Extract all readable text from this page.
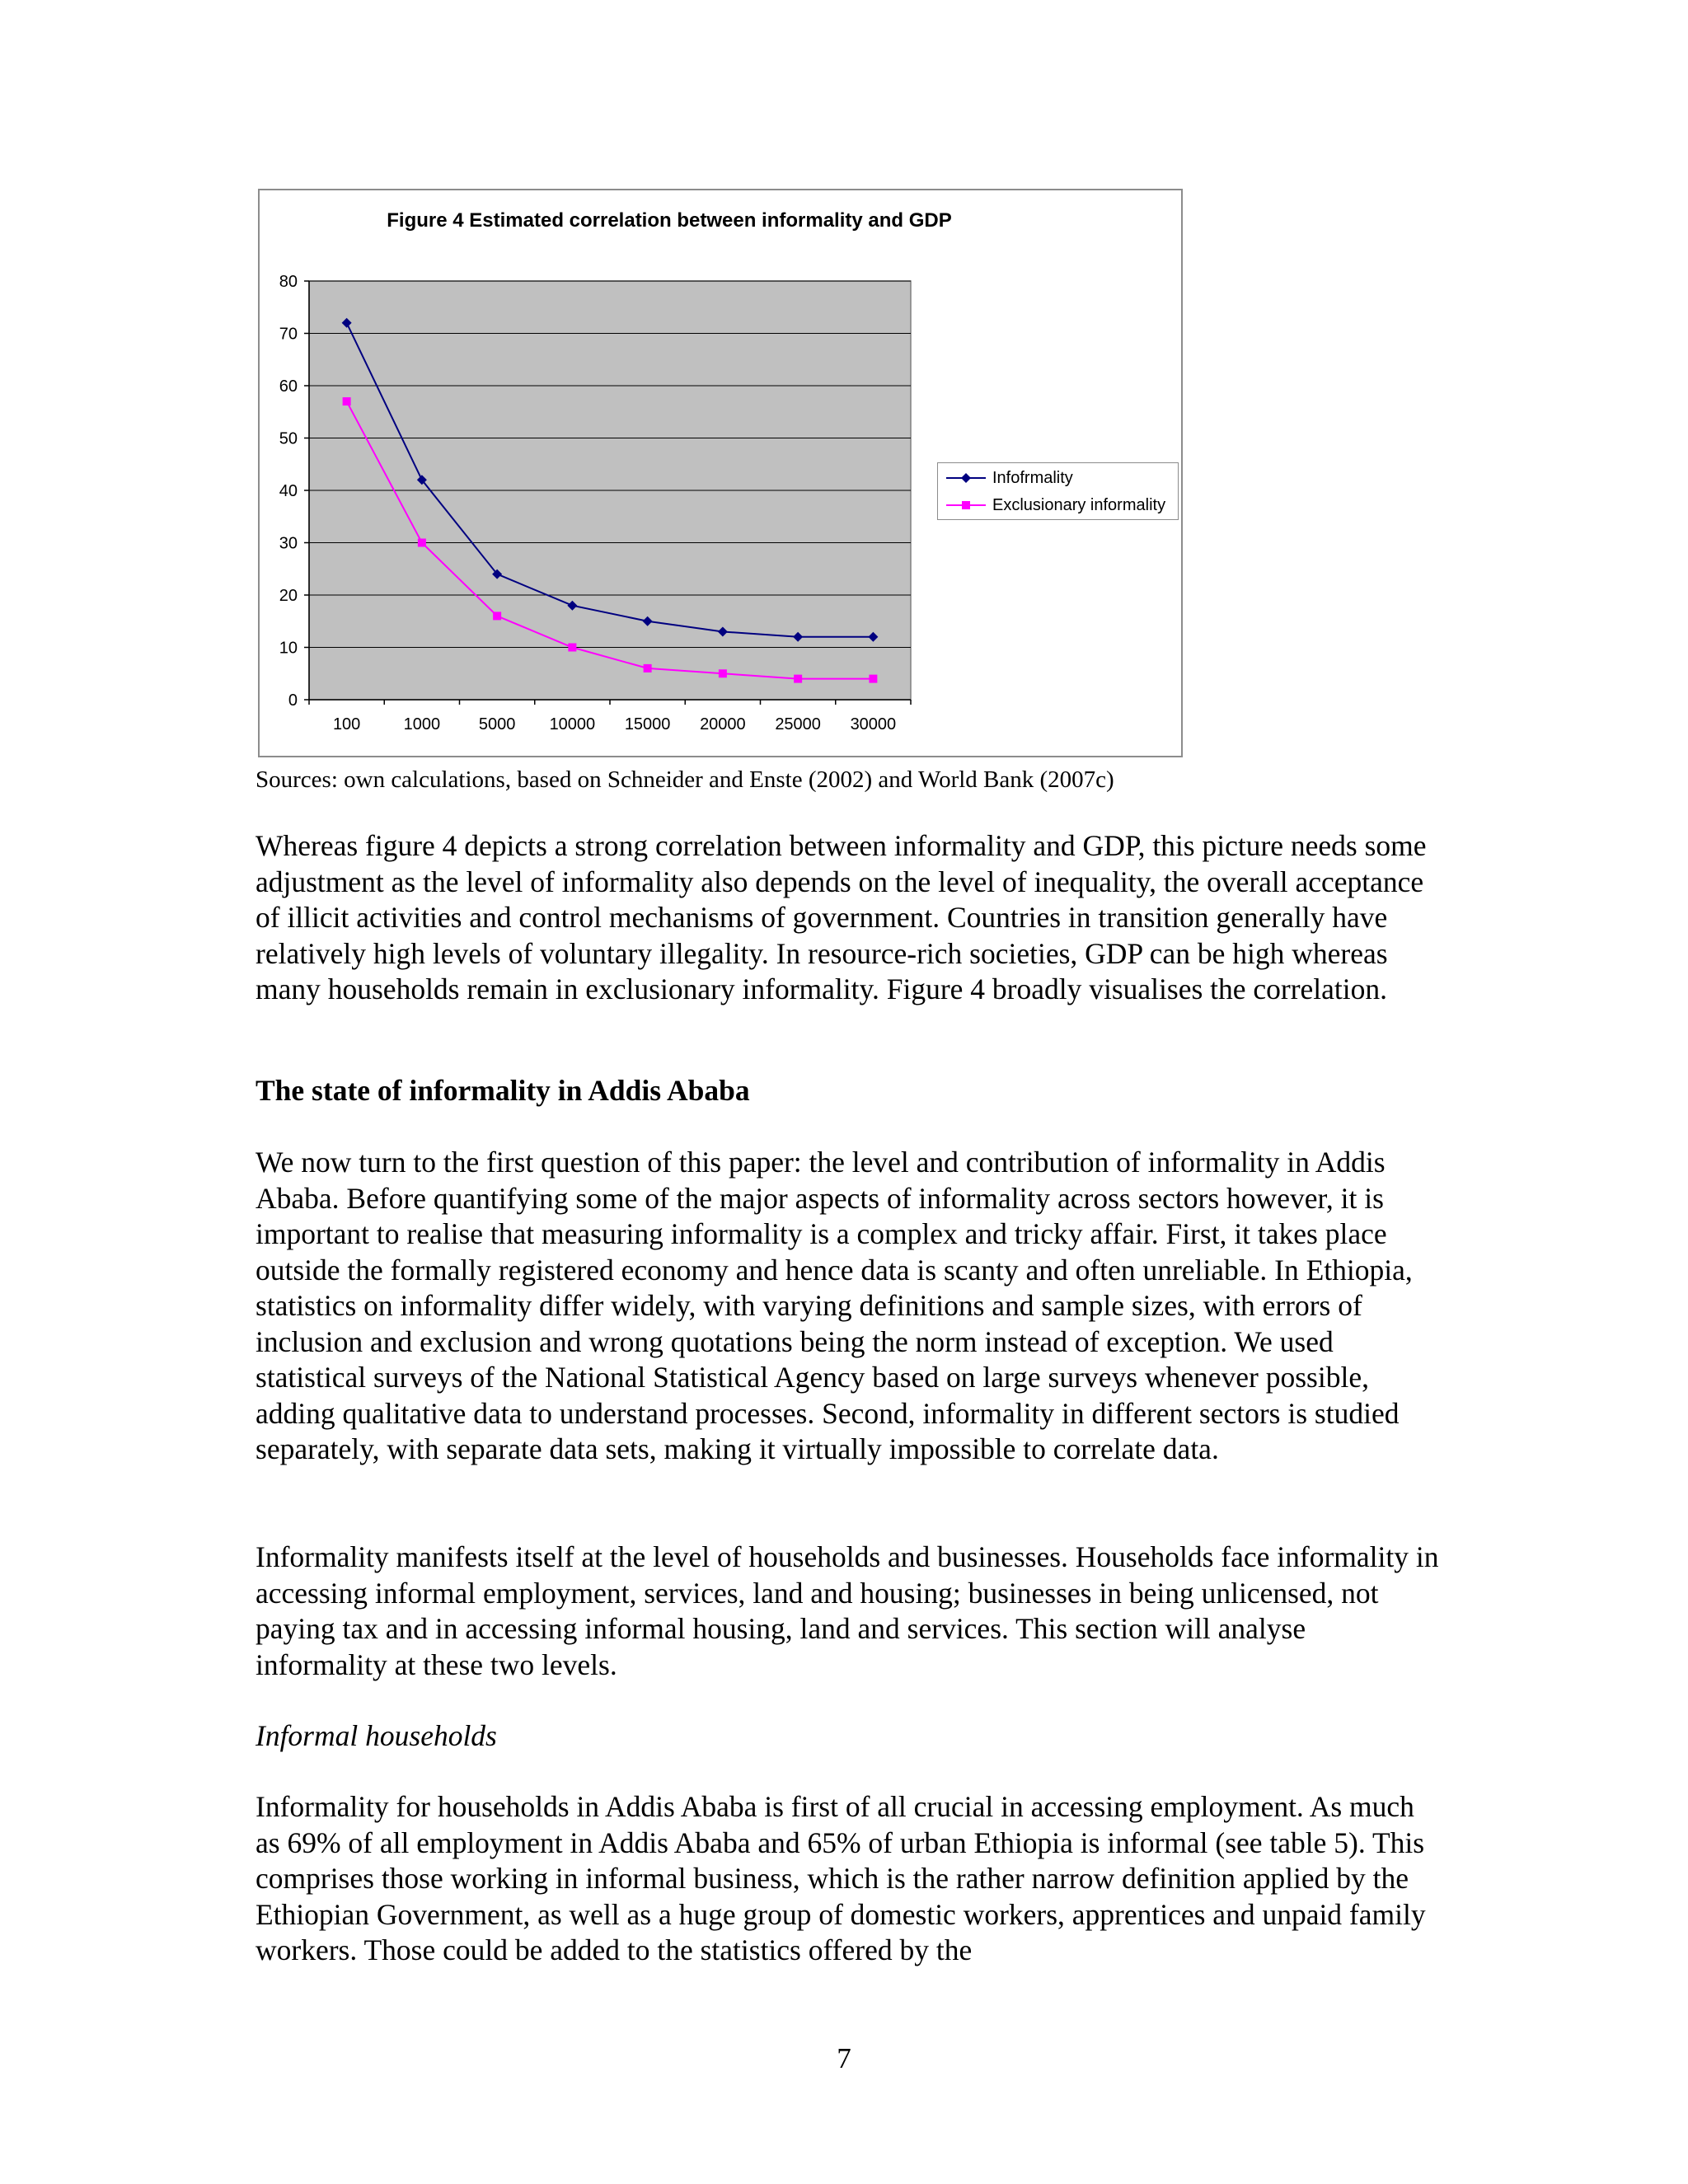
Figure 4 Estimated correlation between informality and GDP
0
10
20
30
40
50
60
70
80
100	1000 5000 10000 15000 20000 25000 30000
Infofrmality
Exclusionary informality
Sources: own calculations, based on Schneider and Enste (2002) and World Bank (2007c)

Whereas figure 4 depicts a strong correlation between informality and GDP, this picture needs some adjustment as the level of informality also depends on the level of inequality, the overall acceptance of illicit activities and control mechanisms of government. Countries in transition generally have relatively high levels of voluntary illegality. In resource-rich societies, GDP can be high whereas many households remain in exclusionary informality. Figure 4 broadly visualises the correlation.

The state of informality in Addis Ababa

We now turn to the first question of this paper: the level and contribution of informality in Addis Ababa. Before quantifying some of the major aspects of informality across sectors however, it is important to realise that measuring informality is a complex and tricky affair. First, it takes place outside the formally registered economy and hence data is scanty and often unreliable. In Ethiopia, statistics on informality differ widely, with varying definitions and sample sizes, with errors of inclusion and exclusion and wrong quotations being the norm instead of exception. We used statistical surveys of the National Statistical Agency based on large surveys whenever possible, adding qualitative data to understand processes. Second, informality in different sectors is studied separately, with separate data sets, making it virtually impossible to correlate data.

Informality manifests itself at the level of households and businesses. Households face informality in accessing informal employment, services, land and housing; businesses in being unlicensed, not paying tax and in accessing informal housing, land and services. This section will analyse informality at these two levels.

Informal households

Informality for households in Addis Ababa is first of all crucial in accessing employment. As much as 69% of all employment in Addis Ababa and 65% of urban Ethiopia is informal (see table 5). This comprises those working in informal business, which is the rather narrow definition applied by the Ethiopian Government, as well as a huge group of domestic workers, apprentices and unpaid family workers. Those could be added to the statistics offered by the

7
